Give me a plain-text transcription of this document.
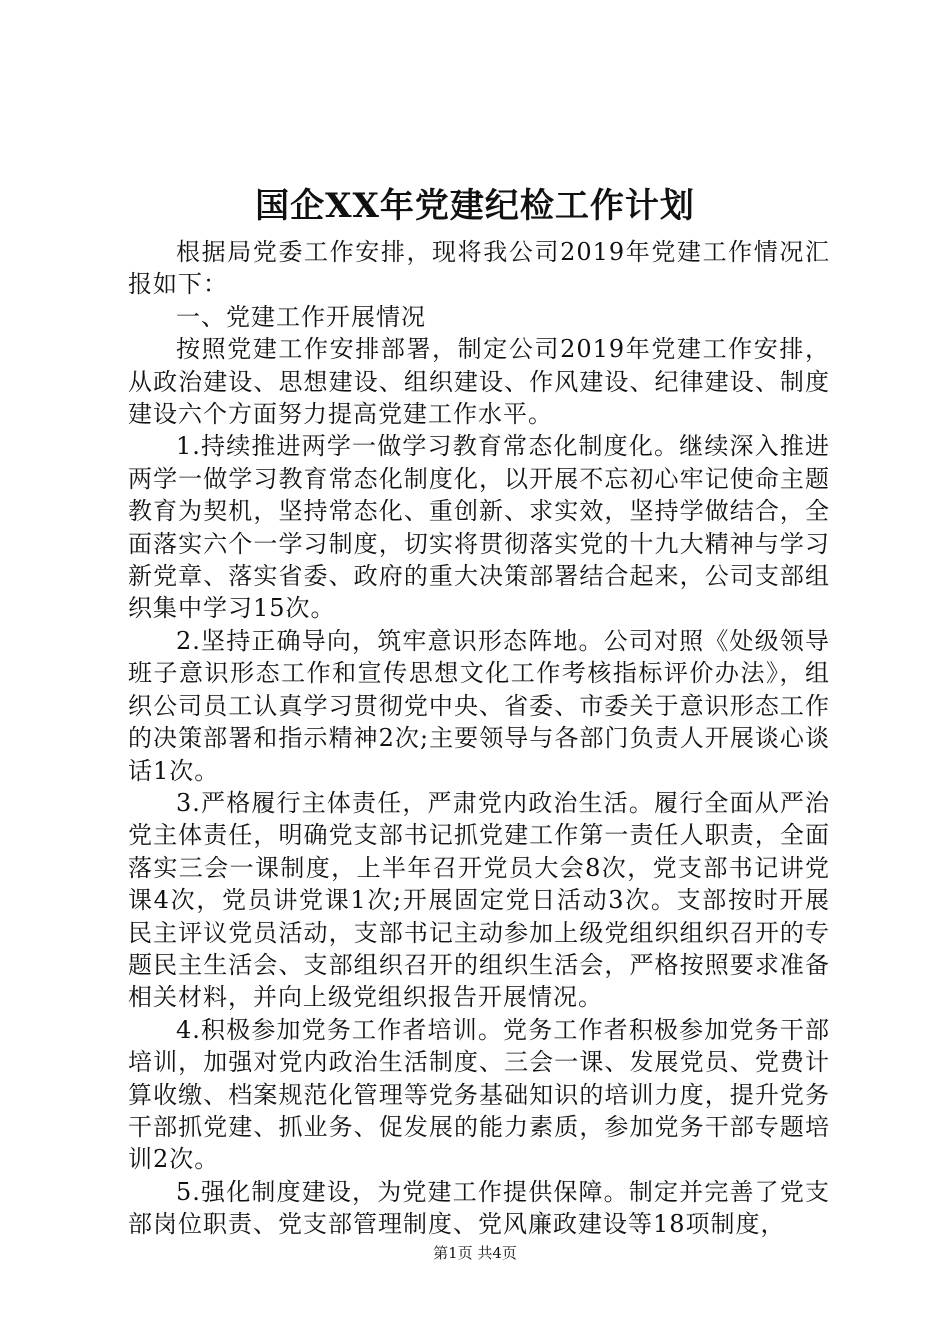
国企XX年党建纪检工作计划

根据局党委工作安排，现将我公司2019年党建工作情况汇报如下：

一、党建工作开展情况

按照党建工作安排部署，制定公司2019年党建工作安排，从政治建设、思想建设、组织建设、作风建设、纪律建设、制度建设六个方面努力提高党建工作水平。

1.持续推进两学一做学习教育常态化制度化。继续深入推进两学一做学习教育常态化制度化，以开展不忘初心牢记使命主题教育为契机，坚持常态化、重创新、求实效，坚持学做结合，全面落实六个一学习制度，切实将贯彻落实党的十九大精神与学习新党章、落实省委、政府的重大决策部署结合起来，公司支部组织集中学习15次。

2.坚持正确导向，筑牢意识形态阵地。公司对照《处级领导班子意识形态工作和宣传思想文化工作考核指标评价办法》，组织公司员工认真学习贯彻党中央、省委、市委关于意识形态工作的决策部署和指示精神2次;主要领导与各部门负责人开展谈心谈话1次。

3.严格履行主体责任，严肃党内政治生活。履行全面从严治党主体责任，明确党支部书记抓党建工作第一责任人职责，全面落实三会一课制度，上半年召开党员大会8次，党支部书记讲党课4次，党员讲党课1次;开展固定党日活动3次。支部按时开展民主评议党员活动，支部书记主动参加上级党组织组织召开的专题民主生活会、支部组织召开的组织生活会，严格按照要求准备相关材料，并向上级党组织报告开展情况。

4.积极参加党务工作者培训。党务工作者积极参加党务干部培训，加强对党内政治生活制度、三会一课、发展党员、党费计算收缴、档案规范化管理等党务基础知识的培训力度，提升党务干部抓党建、抓业务、促发展的能力素质，参加党务干部专题培训2次。

5.强化制度建设，为党建工作提供保障。制定并完善了党支部岗位职责、党支部管理制度、党风廉政建设等18项制度，

第1页 共4页
